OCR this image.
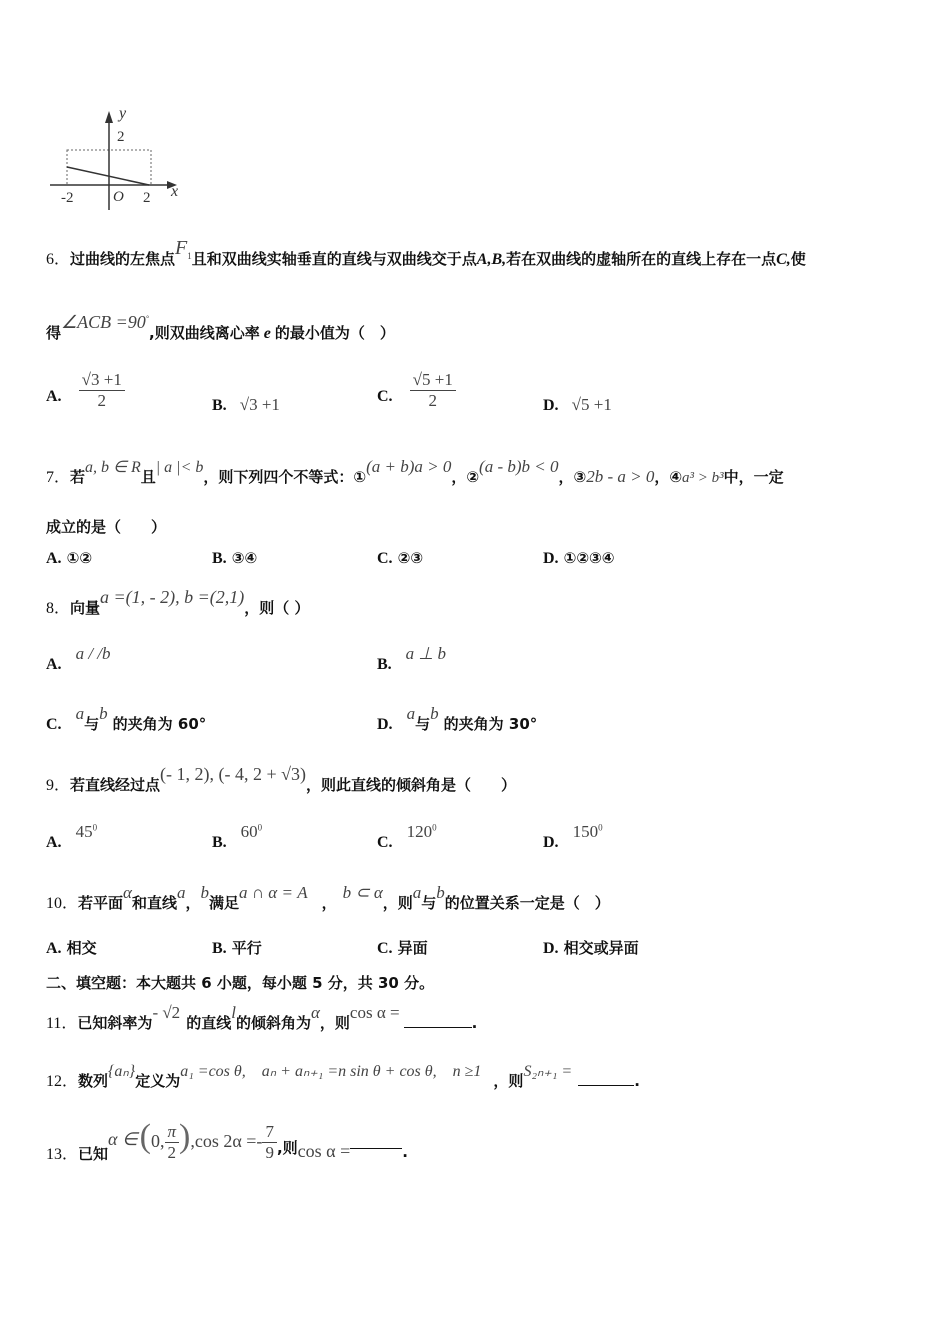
y
2
x
O
-2	2
6．过曲线的左焦点$F_1$且和双曲线实轴垂直的直线与双曲线交于点A,B,若在双曲线的虚轴所在的直线上存在一点C,使
得∠ACB =90°,则双曲线离心率 e 的最小值为（　）
A. $\frac{√3 +1}{2}$	B. √3 +1	C. $\frac{√5 +1}{2}$	D. √5 +1
7．若a, b ∈ R且| a |< b，则下列四个不等式：①(a + b)a > 0，②(a - b)b < 0，③2b - a > 0，④a³ > b³中，一定
成立的是（　　）
A. ①②	B. ③④	C. ②③	D. ①②③④
8．向量a =(1, - 2), b =(2,1)，则（ ）
A.a / /b
B.a ⊥ b
C.a与b 的夹角为 60°	D.a与b 的夹角为 30°
9．若直线经过点(- 1, 2), (- 4, 2 + √3)，则此直线的倾斜角是（　　）
$A.45^0$
$B.60^0$
C.120$^0$
D.150$^0$
10．若平面α和直线a，b满足a ∩ α = A，b ⊂ α，则a与b的位置关系一定是（　）
A. 相交	B. 平行	C. 异面	D. 相交或异面
二、填空题：本大题共 6 小题，每小题 5 分，共 30 分。
11．已知斜率为- √2的直线l的倾斜角为α，则cos α =.
12．数列{aₙ}定义为a₁ =cos θ,　aₙ + aₙ₊₁ =n sin θ + cos θ,　n ≥1，则S₂ₙ₊₁ =.
13．已知α ∈(0, $\frac{\pi}{2} ),\cos$ $2\alpha =- \frac{7}{9}$ ,则cos α =	.
